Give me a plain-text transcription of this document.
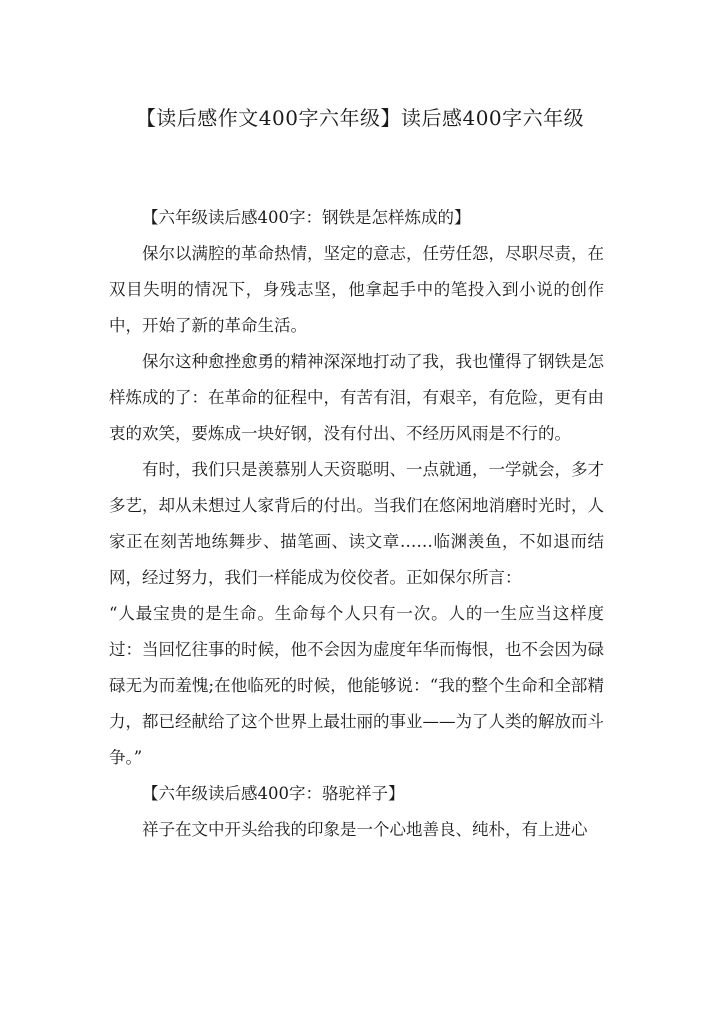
【读后感作文400字六年级】读后感400字六年级

【六年级读后感400字：钢铁是怎样炼成的】

保尔以满腔的革命热情，坚定的意志，任劳任怨，尽职尽责，在双目失明的情况下，身残志坚，他拿起手中的笔投入到小说的创作中，开始了新的革命生活。

保尔这种愈挫愈勇的精神深深地打动了我，我也懂得了钢铁是怎样炼成的了：在革命的征程中，有苦有泪，有艰辛，有危险，更有由衷的欢笑，要炼成一块好钢，没有付出、不经历风雨是不行的。

有时，我们只是羡慕别人天资聪明、一点就通，一学就会，多才多艺，却从未想过人家背后的付出。当我们在悠闲地消磨时光时，人家正在刻苦地练舞步、描笔画、读文章……临渊羡鱼，不如退而结网，经过努力，我们一样能成为佼佼者。正如保尔所言：

“人最宝贵的是生命。生命每个人只有一次。人的一生应当这样度过：当回忆往事的时候，他不会因为虚度年华而悔恨，也不会因为碌碌无为而羞愧;在他临死的时候，他能够说：“我的整个生命和全部精力，都已经献给了这个世界上最壮丽的事业——为了人类的解放而斗争。”

【六年级读后感400字：骆驼祥子】

祥子在文中开头给我的印象是一个心地善良、纯朴，有上进心
